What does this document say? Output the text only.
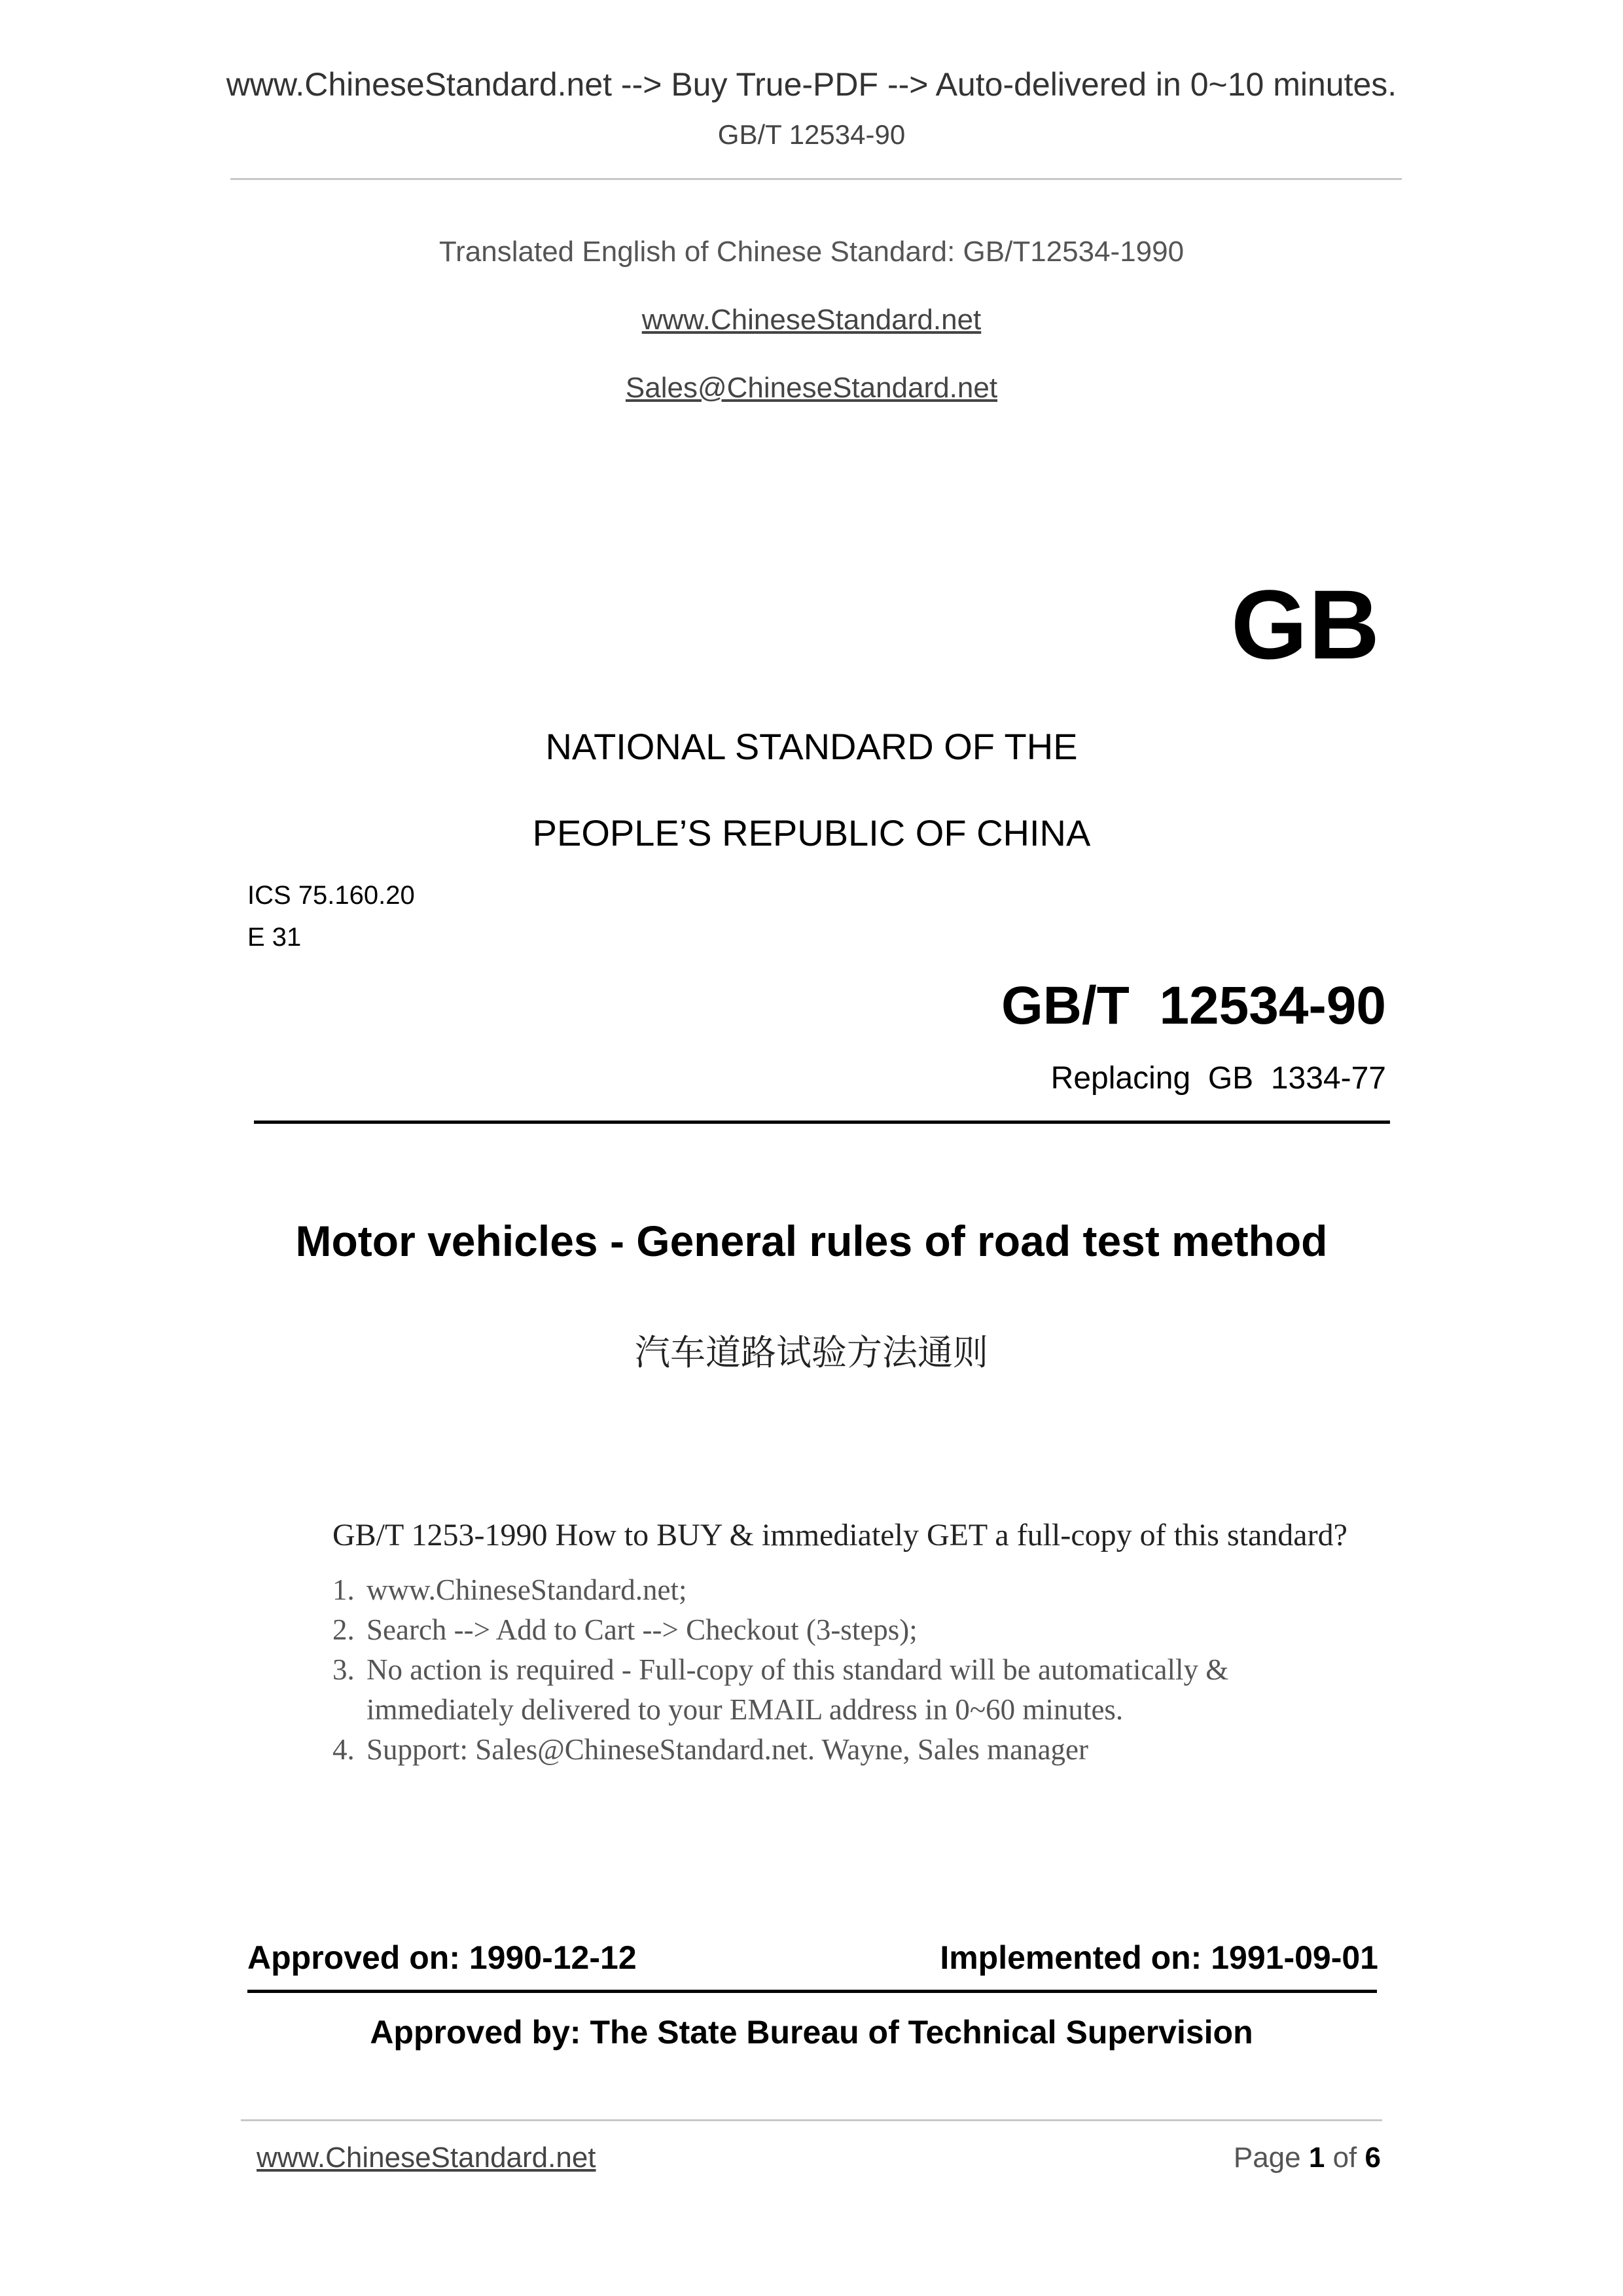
www.ChineseStandard.net --> Buy True-PDF --> Auto-delivered in 0~10 minutes.
GB/T 12534-90
Translated English of Chinese Standard: GB/T12534-1990
www.ChineseStandard.net
Sales@ChineseStandard.net
GB
NATIONAL STANDARD OF THE
PEOPLE’S REPUBLIC OF CHINA
ICS 75.160.20
E 31
GB/T  12534-90
Replacing  GB  1334-77
Motor vehicles - General rules of road test method
汽车道路试验方法通则
GB/T 1253-1990 How to BUY & immediately GET a full-copy of this standard?
1. www.ChineseStandard.net;
2. Search --> Add to Cart --> Checkout (3-steps);
3. No action is required - Full-copy of this standard will be automatically & immediately delivered to your EMAIL address in 0~60 minutes.
4. Support: Sales@ChineseStandard.net. Wayne, Sales manager
Approved on: 1990-12-12	Implemented on: 1991-09-01
Approved by: The State Bureau of Technical Supervision
www.ChineseStandard.net	Page 1 of 6
